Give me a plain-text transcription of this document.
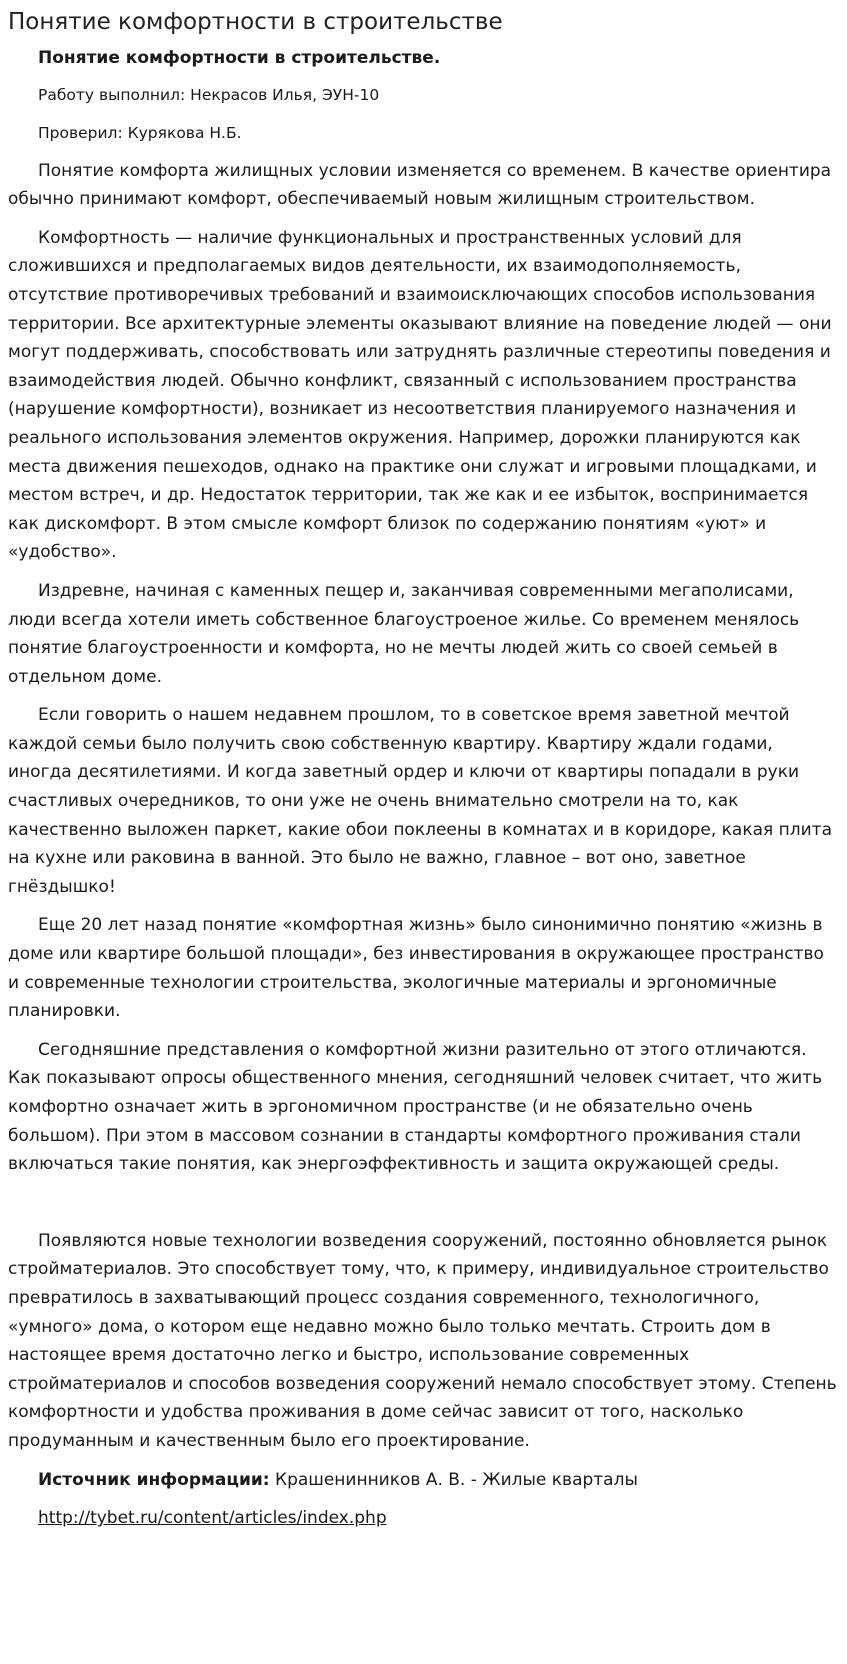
Понятие комфортности в строительстве

Понятие комфортности в строительстве.

Работу выполнил: Некрасов Илья, ЭУН-10

Проверил: Курякова Н.Б.

Понятие комфорта жилищных условии изменяется со временем. В качестве ориентира обычно принимают комфорт, обеспечиваемый новым жилищным строительством.

Комфортность — наличие функциональных и пространственных условий для сложившихся и предполагаемых видов деятельности, их взаимодополняемость, отсутствие противоречивых требований и взаимоисключающих способов использования территории. Все архитектурные элементы оказывают влияние на поведение людей — они могут поддерживать, способствовать или затруднять различные стереотипы поведения и взаимодействия людей. Обычно конфликт, связанный с использованием пространства (нарушение комфортности), возникает из несоответствия планируемого назначения и реального использования элементов окружения. Например, дорожки планируются как места движения пешеходов, однако на практике они служат и игровыми площадками, и местом встреч, и др. Недостаток территории, так же как и ее избыток, воспринимается как дискомфорт. В этом смысле комфорт близок по содержанию понятиям «уют» и «удобство».

Издревне, начиная с каменных пещер и, заканчивая современными мегаполисами, люди всегда хотели иметь собственное благоустроеное жилье. Со временем менялось понятие благоустроенности и комфорта, но не мечты людей жить со своей семьей в отдельном доме.

Если говорить о нашем недавнем прошлом, то в советское время заветной мечтой каждой семьи было получить свою собственную квартиру. Квартиру ждали годами, иногда десятилетиями. И когда заветный ордер и ключи от квартиры попадали в руки счастливых очередников, то они уже не очень внимательно смотрели на то, как качественно выложен паркет, какие обои поклеены в комнатах и в коридоре, какая плита на кухне или раковина в ванной. Это было не важно, главное – вот оно, заветное гнёздышко!

Еще 20 лет назад понятие «комфортная жизнь» было синонимично понятию «жизнь в доме или квартире большой площади», без инвестирования в окружающее пространство и современные технологии строительства, экологичные материалы и эргономичные планировки.

Сегодняшние представления о комфортной жизни разительно от этого отличаются. Как показывают опросы общественного мнения, сегодняшний человек считает, что жить комфортно означает жить в эргономичном пространстве (и не обязательно очень большом). При этом в массовом сознании в стандарты комфортного проживания стали включаться такие понятия, как энергоэффективность и защита окружающей среды.

Появляются новые технологии возведения сооружений, постоянно обновляется рынок стройматериалов. Это способствует тому, что, к примеру, индивидуальное строительство превратилось в захватывающий процесс создания современного, технологичного, «умного» дома, о котором еще недавно можно было только мечтать. Строить дом в настоящее время достаточно легко и быстро, использование современных стройматериалов и способов возведения сооружений немало способствует этому. Степень комфортности и удобства проживания в доме сейчас зависит от того, насколько продуманным и качественным было его проектирование.

Источник информации: Крашенинников А. В. - Жилые кварталы

http://tybet.ru/content/articles/index.php
